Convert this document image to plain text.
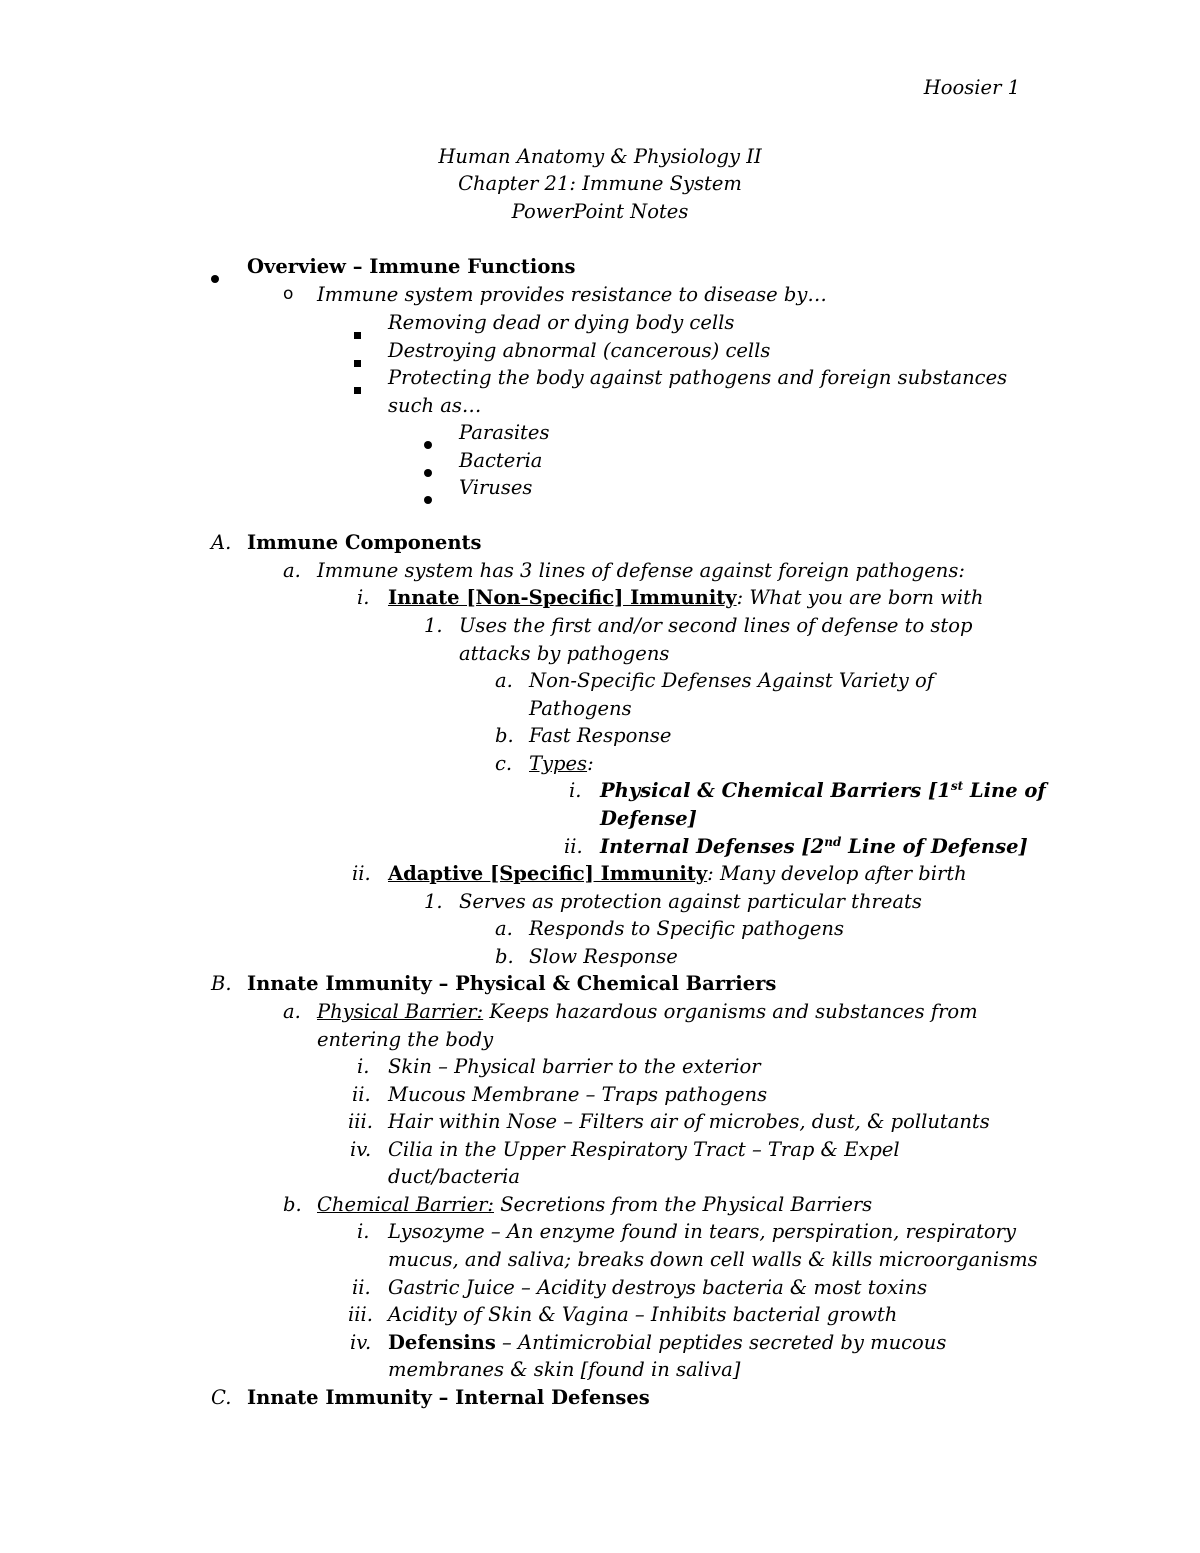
Hoosier 1
Human Anatomy & Physiology II
Chapter 21: Immune System
PowerPoint Notes
Overview – Immune Functions
o Immune system provides resistance to disease by…
Removing dead or dying body cells
Destroying abnormal (cancerous) cells
Protecting the body against pathogens and foreign substances
such as…
Parasites
Bacteria
Viruses
A. Immune Components
a. Immune system has 3 lines of defense against foreign pathogens:
i. Innate [Non-Specific] Immunity: What you are born with
1. Uses the first and/or second lines of defense to stop
attacks by pathogens
a. Non-Specific Defenses Against Variety of
Pathogens
b. Fast Response
c. Types:
i. Physical & Chemical Barriers [1st Line of
Defense]
ii. Internal Defenses [2nd Line of Defense]
ii. Adaptive [Specific] Immunity: Many develop after birth
1. Serves as protection against particular threats
a. Responds to Specific pathogens
b. Slow Response
B. Innate Immunity – Physical & Chemical Barriers
a. Physical Barrier: Keeps hazardous organisms and substances from
entering the body
i. Skin – Physical barrier to the exterior
ii. Mucous Membrane – Traps pathogens
iii. Hair within Nose – Filters air of microbes, dust, & pollutants
iv. Cilia in the Upper Respiratory Tract – Trap & Expel
duct/bacteria
b. Chemical Barrier: Secretions from the Physical Barriers
i. Lysozyme – An enzyme found in tears, perspiration, respiratory
mucus, and saliva; breaks down cell walls & kills microorganisms
ii. Gastric Juice – Acidity destroys bacteria & most toxins
iii. Acidity of Skin & Vagina – Inhibits bacterial growth
iv. Defensins – Antimicrobial peptides secreted by mucous
membranes & skin [found in saliva]
C. Innate Immunity – Internal Defenses
